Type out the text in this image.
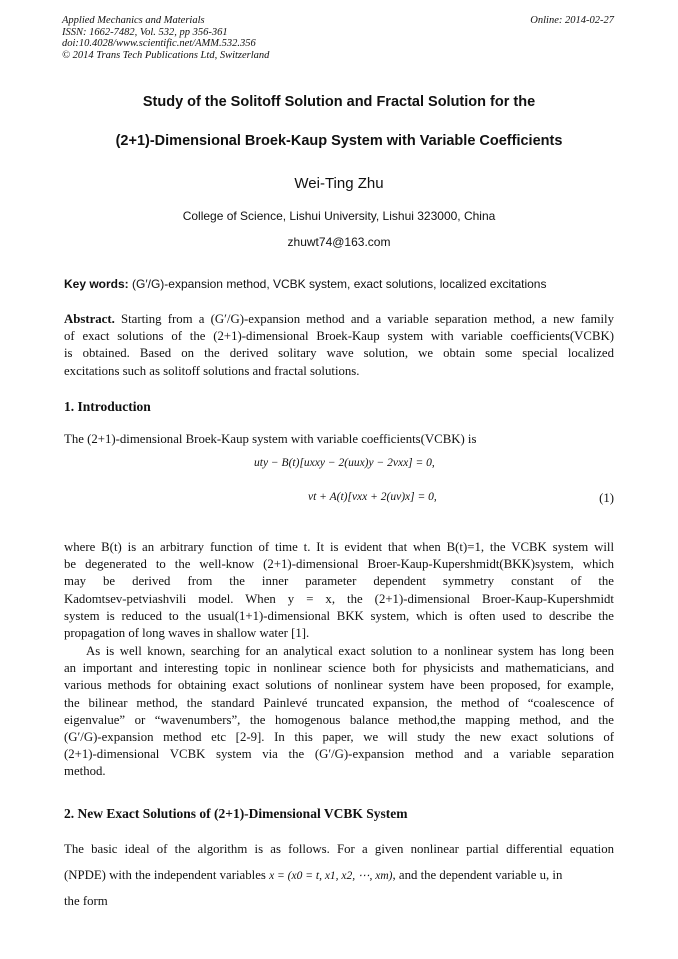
Applied Mechanics and Materials
ISSN: 1662-7482, Vol. 532, pp 356-361
doi:10.4028/www.scientific.net/AMM.532.356
© 2014 Trans Tech Publications Ltd, Switzerland
Online: 2014-02-27
Study of the Solitoff Solution and Fractal Solution for the
(2+1)-Dimensional Broek-Kaup System with Variable Coefficients
Wei-Ting Zhu
College of Science, Lishui University, Lishui 323000, China
zhuwt74@163.com
Key words: (G′/G)-expansion method, VCBK system, exact solutions, localized excitations
Abstract. Starting from a (G′/G)-expansion method and a variable separation method, a new family
of exact solutions of the (2+1)-dimensional Broek-Kaup system with variable coefficients(VCBK)
is obtained. Based on the derived solitary wave solution, we obtain some special localized
excitations such as solitoff solutions and fractal solutions.
1. Introduction
The (2+1)-dimensional Broek-Kaup system with variable coefficients(VCBK) is
uty − B(t)[uxxy − 2(uux)y − 2vxx] = 0,
vt + A(t)[vxx + 2(uv)x] = 0,	(1)
where B(t) is an arbitrary function of time t. It is evident that when B(t)=1, the VCBK system will
be degenerated to the well-know (2+1)-dimensional Broer-Kaup-Kupershmidt(BKK)system, which
may be derived from the inner parameter dependent symmetry constant of the
Kadomtsev-petviashvili model. When y = x, the (2+1)-dimensional Broer-Kaup-Kupershmidt
system is reduced to the usual(1+1)-dimensional BKK system, which is often used to describe the
propagation of long waves in shallow water [1].
As is well known, searching for an analytical exact solution to a nonlinear system has long been
an important and interesting topic in nonlinear science both for physicists and mathematicians, and
various methods for obtaining exact solutions of nonlinear system have been proposed, for example,
the bilinear method, the standard Painlevé truncated expansion, the method of “coalescence of
eigenvalue” or “wavenumbers”, the homogenous balance method,the mapping method, and the
(G′/G)-expansion method etc [2-9]. In this paper, we will study the new exact solutions of
(2+1)-dimensional VCBK system via the (G′/G)-expansion method and a variable separation
method.
2. New Exact Solutions of (2+1)-Dimensional VCBK System
The basic ideal of the algorithm is as follows. For a given nonlinear partial differential equation
(NPDE) with the independent variables x = (x0 = t, x1, x2, ⋯, xm), and the dependent variable u, in
the form
